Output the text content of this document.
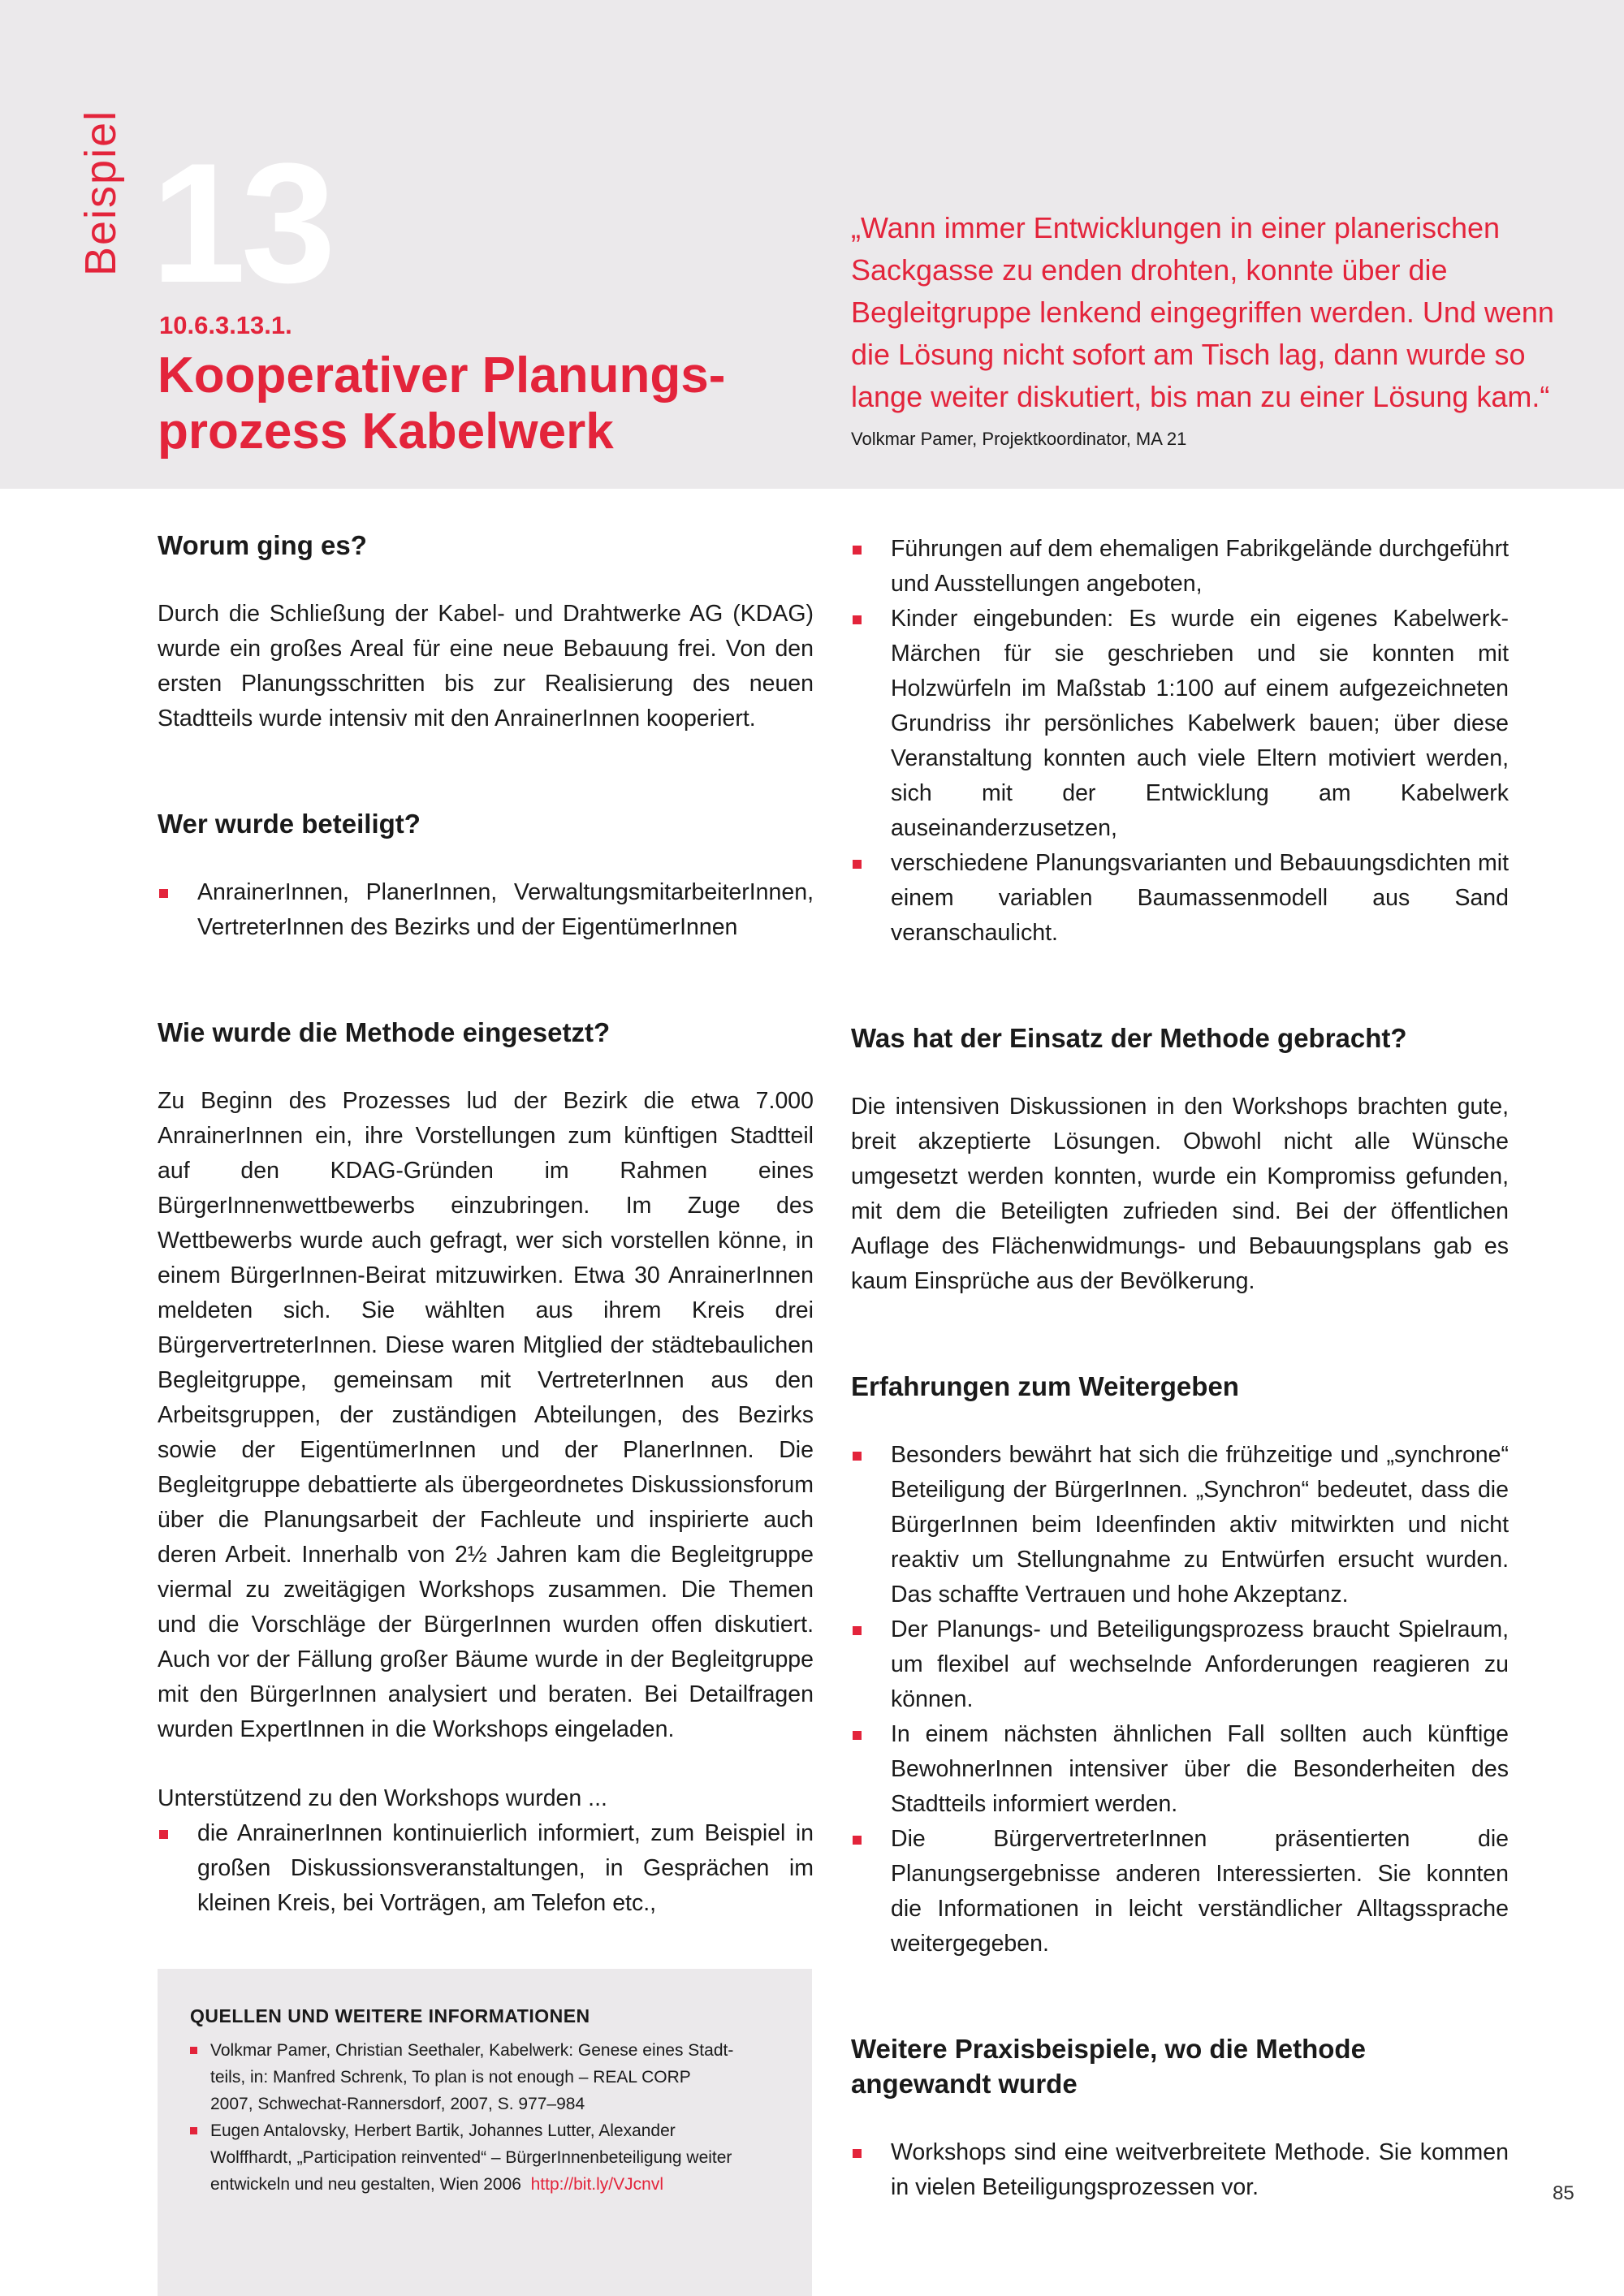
Beispiel 13
10.6.3.13.1.
Kooperativer Planungs-
prozess Kabelwerk

„Wann immer Entwicklungen in einer planerischen Sackgasse zu enden drohten, konnte über die Begleitgruppe lenkend eingegriffen werden. Und wenn die Lösung nicht sofort am Tisch lag, dann wurde so lange weiter diskutiert, bis man zu einer Lösung kam.“

Volkmar Pamer, Projektkoordinator, MA 21
Worum ging es?

Durch die Schließung der Kabel- und Drahtwerke AG (KDAG) wurde ein großes Areal für eine neue Bebauung frei. Von den ersten Planungsschritten bis zur Realisierung des neuen Stadtteils wurde intensiv mit den AnrainerInnen kooperiert.

Wer wurde beteiligt?
AnrainerInnen, PlanerInnen, VerwaltungsmitarbeiterInnen, VertreterInnen des Bezirks und der EigentümerInnen
Wie wurde die Methode eingesetzt?

Zu Beginn des Prozesses lud der Bezirk die etwa 7.000 AnrainerInnen ein, ihre Vorstellungen zum künftigen Stadtteil auf den KDAG-Gründen im Rahmen eines BürgerInnenwettbewerbs einzubringen. Im Zuge des Wettbewerbs wurde auch gefragt, wer sich vorstellen könne, in einem BürgerInnen-Beirat mitzuwirken. Etwa 30 AnrainerInnen meldeten sich. Sie wählten aus ihrem Kreis drei BürgervertreterInnen. Diese waren Mitglied der städtebaulichen Begleitgruppe, gemeinsam mit VertreterInnen aus den Arbeitsgruppen, der zuständigen Abteilungen, des Bezirks sowie der EigentümerInnen und der PlanerInnen. Die Begleitgruppe debattierte als übergeordnetes Diskussionsforum über die Planungsarbeit der Fachleute und inspirierte auch deren Arbeit. Innerhalb von 2½ Jahren kam die Begleitgruppe viermal zu zweitägigen Workshops zusammen. Die Themen und die Vorschläge der BürgerInnen wurden offen diskutiert. Auch vor der Fällung großer Bäume wurde in der Begleitgruppe mit den BürgerInnen analysiert und beraten. Bei Detailfragen wurden ExpertInnen in die Workshops eingeladen.

Unterstützend zu den Workshops wurden ...

die AnrainerInnen kontinuierlich informiert, zum Beispiel in großen Diskussionsveranstaltungen, in Gesprächen im kleinen Kreis, bei Vorträgen, am Telefon etc.,
Führungen auf dem ehemaligen Fabrikgelände durchgeführt und Ausstellungen angeboten,
Kinder eingebunden: Es wurde ein eigenes Kabelwerk-Märchen für sie geschrieben und sie konnten mit Holzwürfeln im Maßstab 1:100 auf einem aufgezeichneten Grundriss ihr persönliches Kabelwerk bauen; über diese Veranstaltung konnten auch viele Eltern motiviert werden, sich mit der Entwicklung am Kabelwerk auseinanderzusetzen,
verschiedene Planungsvarianten und Bebauungsdichten mit einem variablen Baumassenmodell aus Sand veranschaulicht.
Was hat der Einsatz der Methode gebracht?

Die intensiven Diskussionen in den Workshops brachten gute, breit akzeptierte Lösungen. Obwohl nicht alle Wünsche umgesetzt werden konnten, wurde ein Kompromiss gefunden, mit dem die Beteiligten zufrieden sind. Bei der öffentlichen Auflage des Flächenwidmungs- und Bebauungsplans gab es kaum Einsprüche aus der Bevölkerung.

Erfahrungen zum Weitergeben
Besonders bewährt hat sich die frühzeitige und „synchrone“ Beteiligung der BürgerInnen. „Synchron“ bedeutet, dass die BürgerInnen beim Ideenfinden aktiv mitwirkten und nicht reaktiv um Stellungnahme zu Entwürfen ersucht wurden. Das schaffte Vertrauen und hohe Akzeptanz.
Der Planungs- und Beteiligungsprozess braucht Spielraum, um flexibel auf wechselnde Anforderungen reagieren zu können.
In einem nächsten ähnlichen Fall sollten auch künftige BewohnerInnen intensiver über die Besonderheiten des Stadtteils informiert werden.
Die BürgervertreterInnen präsentierten die Planungsergebnisse anderen Interessierten. Sie konnten die Informationen in leicht verständlicher Alltagssprache weitergegeben.
Weitere Praxisbeispiele, wo die Methode
angewandt wurde
Workshops sind eine weitverbreitete Methode. Sie kommen in vielen Beteiligungsprozessen vor.
QUELLEN UND WEITERE INFORMATIONEN
Volkmar Pamer, Christian Seethaler, Kabelwerk: Genese eines Stadt-
teils, in: Manfred Schrenk, To plan is not enough – REAL CORP
2007, Schwechat-Rannersdorf, 2007, S. 977–984
Eugen Antalovsky, Herbert Bartik, Johannes Lutter, Alexander
Wolffhardt, „Participation reinvented“ – BürgerInnenbeteiligung weiter
entwickeln und neu gestalten, Wien 2006 http://bit.ly/VJcnvl	85
